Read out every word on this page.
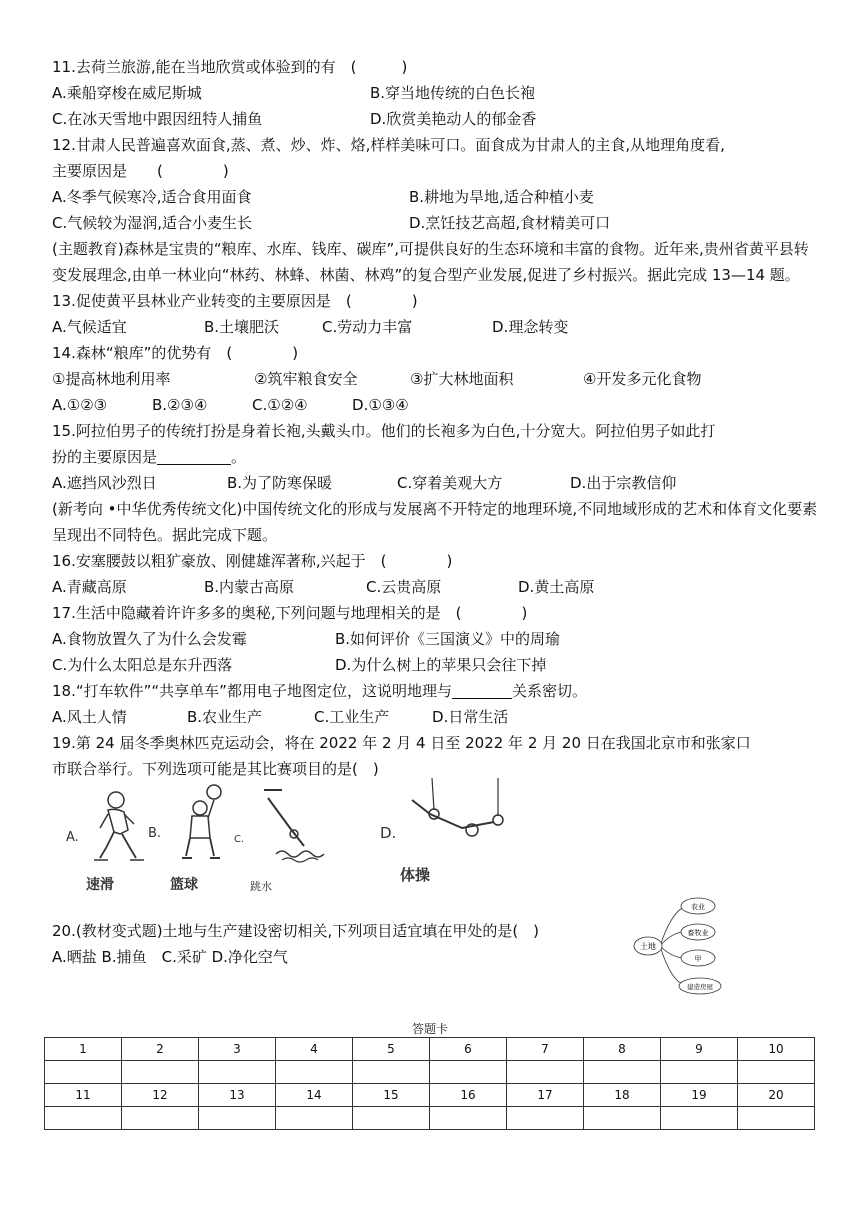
11.去荷兰旅游,能在当地欣赏或体验到的有　(　　　)
A.乘船穿梭在威尼斯城	B.穿当地传统的白色长袍
C.在冰天雪地中跟因纽特人捕鱼	D.欣赏美艳动人的郁金香
12.甘肃人民普遍喜欢面食,蒸、煮、炒、炸、烙,样样美味可口。面食成为甘肃人的主食,从地理角度看,
主要原因是　　(　　　　)
A.冬季气候寒冷,适合食用面食	B.耕地为旱地,适合种植小麦
C.气候较为湿润,适合小麦生长	D.烹饪技艺高超,食材精美可口
(主题教育)森林是宝贵的“粮库、水库、钱库、碳库”,可提供良好的生态环境和丰富的食物。近年来,贵州省黄平县转变发展理念,由单一林业向“林药、林蜂、林菌、林鸡”的复合型产业发展,促进了乡村振兴。据此完成 13—14 题。
13.促使黄平县林业产业转变的主要原因是　(　　　　)
A.气候适宜	B.土壤肥沃	C.劳动力丰富	D.理念转变
14.森林“粮库”的优势有　(　　　　)
①提高林地利用率	②筑牢粮食安全	③扩大林地面积	④开发多元化食物
A.①②③	B.②③④	C.①②④	D.①③④
15.阿拉伯男子的传统打扮是身着长袍,头戴头巾。他们的长袍多为白色,十分宽大。阿拉伯男子如此打
扮的主要原因是	。
A.遮挡风沙烈日	B.为了防寒保暖	C.穿着美观大方	D.出于宗教信仰
(新考向 •中华优秀传统文化)中国传统文化的形成与发展离不开特定的地理环境,不同地域形成的艺术和体育文化要素呈现出不同特色。据此完成下题。
16.安塞腰鼓以粗犷豪放、刚健雄浑著称,兴起于　(　　　　)
A.青藏高原	B.内蒙古高原	C.云贵高原	D.黄土高原
17.生活中隐藏着许许多多的奥秘,下列问题与地理相关的是　(　　　　)
A.食物放置久了为什么会发霉	B.如何评价《三国演义》中的周瑜
C.为什么太阳总是东升西落	D.为什么树上的苹果只会往下掉
18.“打车软件”“共享单车”都用电子地图定位，这说明地理与	关系密切。
A.风土人情	B.农业生产	C.工业生产	D.日常生活
19.第 24 届冬季奥林匹克运动会，将在 2022 年 2 月 4 日至 2022 年 2 月 20 日在我国北京市和张家口
市联合举行。下列选项可能是其比赛项目的是(　)
A.
速滑
B.
篮球
C.
跳水
D.
体操
20.(教材变式题)土地与生产建设密切相关,下列项目适宜填在甲处的是(　)
A.晒盐 B.捕鱼　C.采矿 D.净化空气
土地
农业
畜牧业
甲
建造房屋
答题卡
1	2	3	4	5	6	7	8	9	10

11	12	13	14	15	16	17	18	19	20
